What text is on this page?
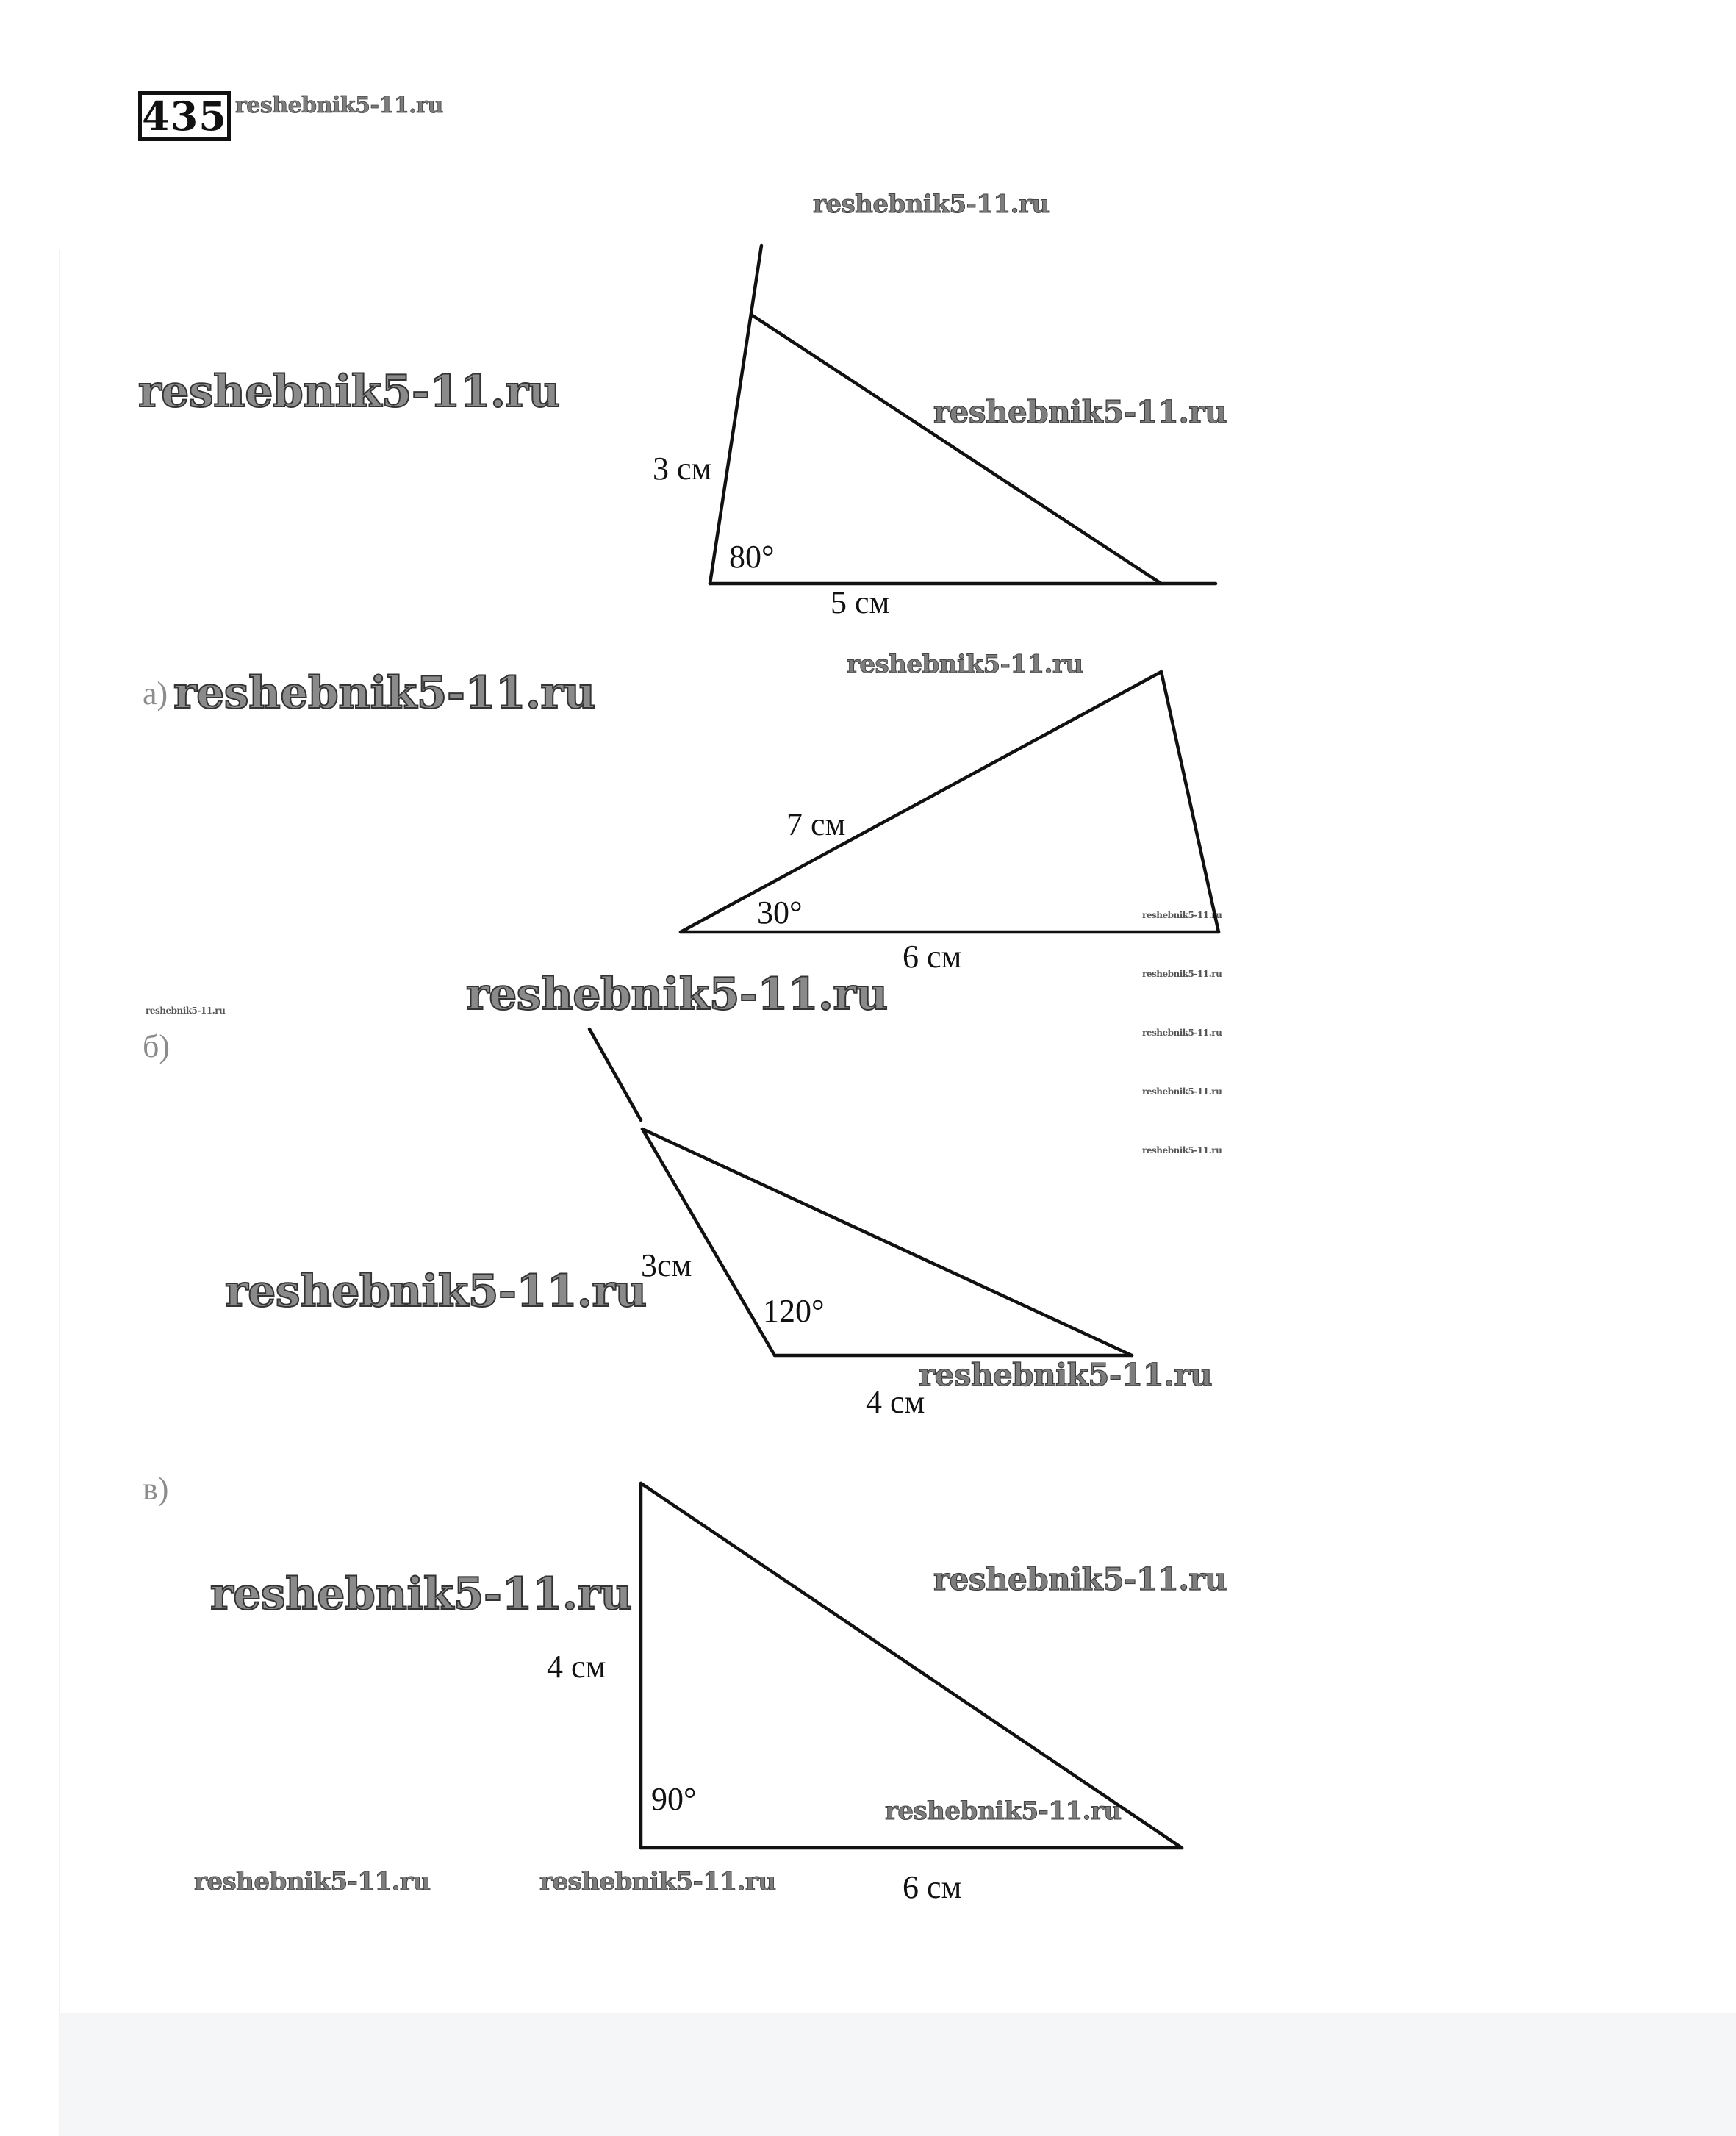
435 reshebnik5-11.ru
reshebnik5-11.ru
reshebnik5-11.ru	reshebnik5-11.ru
reshebnik5-11.ru
reshebnik5-11.ru
reshebnik5-11.ru
reshebnik5-11.ru
reshebnik5-11.ru
reshebnik5-11.ru	reshebnik5-11.ru
reshebnik5-11.ru
reshebnik5-11.ru	reshebnik5-11.ru
reshebnik5-11.ru
reshebnik5-11.ru
reshebnik5-11.ru
reshebnik5-11.ru
reshebnik5-11.ru
reshebnik5-11.ru
а)
б)
в)
3 см
5 см
80°
7 см
6 см
30°
3см
4 см
120°
4 см
6 см
90°
